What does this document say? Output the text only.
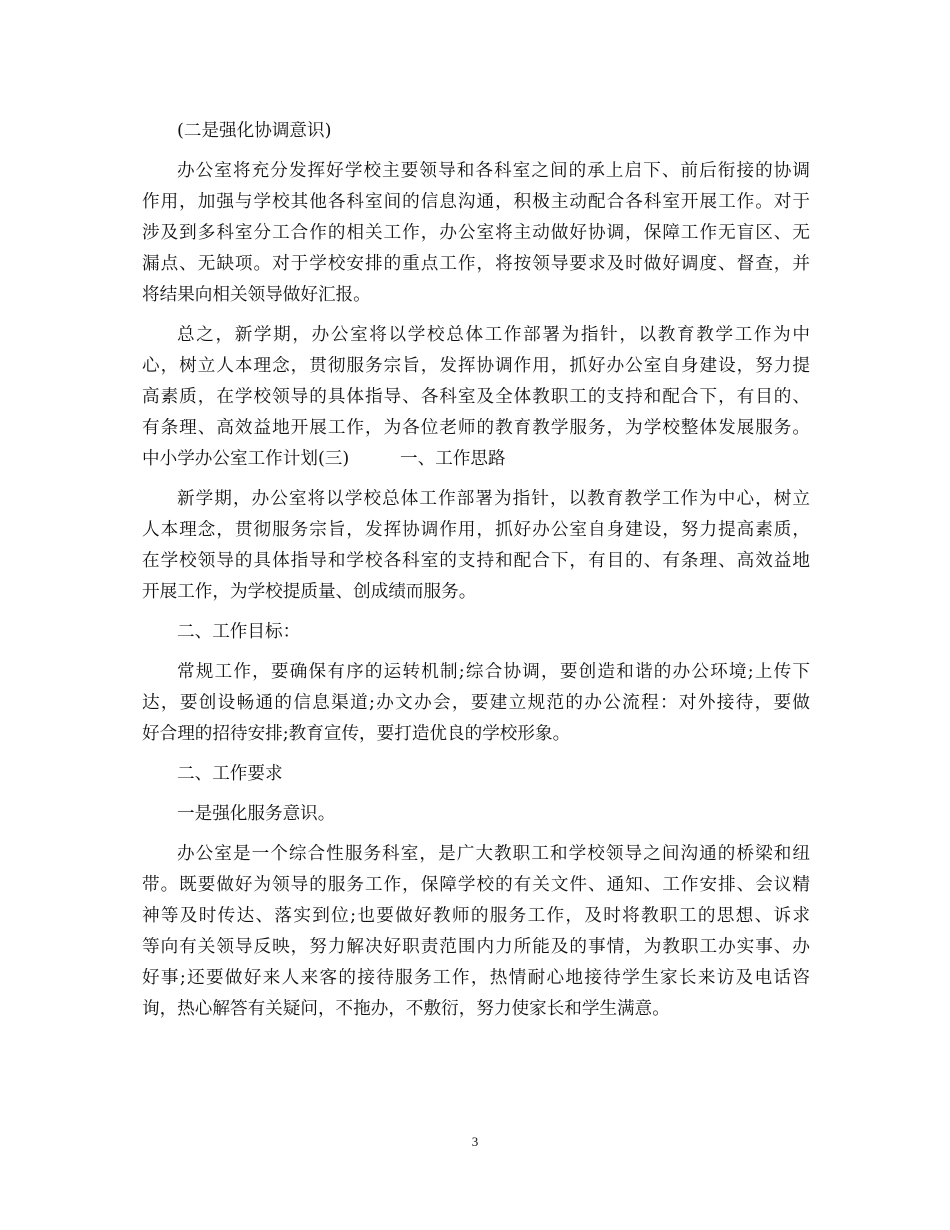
(二是强化协调意识)

办公室将充分发挥好学校主要领导和各科室之间的承上启下、前后衔接的协调

作用，加强与学校其他各科室间的信息沟通，积极主动配合各科室开展工作。对于

涉及到多科室分工合作的相关工作，办公室将主动做好协调，保障工作无盲区、无

漏点、无缺项。对于学校安排的重点工作，将按领导要求及时做好调度、督查，并

将结果向相关领导做好汇报。

总之，新学期，办公室将以学校总体工作部署为指针，以教育教学工作为中

心，树立人本理念，贯彻服务宗旨，发挥协调作用，抓好办公室自身建设，努力提

高素质，在学校领导的具体指导、各科室及全体教职工的支持和配合下，有目的、

有条理、高效益地开展工作，为各位老师的教育教学服务，为学校整体发展服务。

中小学办公室工作计划(三)	一、工作思路

新学期，办公室将以学校总体工作部署为指针，以教育教学工作为中心，树立

人本理念，贯彻服务宗旨，发挥协调作用，抓好办公室自身建设，努力提高素质，

在学校领导的具体指导和学校各科室的支持和配合下，有目的、有条理、高效益地

开展工作，为学校提质量、创成绩而服务。

二、工作目标：

常规工作，要确保有序的运转机制;综合协调，要创造和谐的办公环境;上传下

达，要创设畅通的信息渠道;办文办会，要建立规范的办公流程：对外接待，要做

好合理的招待安排;教育宣传，要打造优良的学校形象。

二、工作要求

一是强化服务意识。

办公室是一个综合性服务科室，是广大教职工和学校领导之间沟通的桥梁和纽

带。既要做好为领导的服务工作，保障学校的有关文件、通知、工作安排、会议精

神等及时传达、落实到位;也要做好教师的服务工作，及时将教职工的思想、诉求

等向有关领导反映，努力解决好职责范围内力所能及的事情，为教职工办实事、办

好事;还要做好来人来客的接待服务工作，热情耐心地接待学生家长来访及电话咨

询，热心解答有关疑问，不拖办，不敷衍，努力使家长和学生满意。

3
